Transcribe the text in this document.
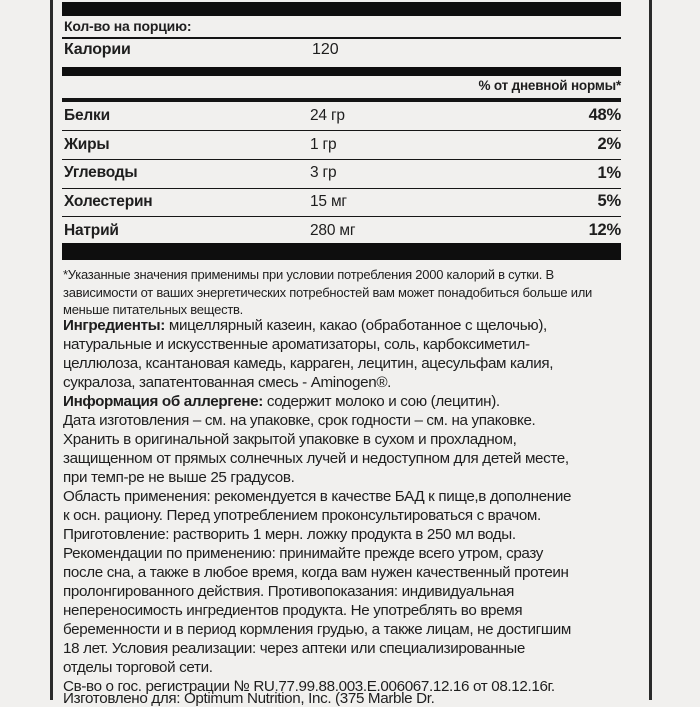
Кол-во на порцию:
Калории	120
% от дневной нормы*
Белки	24 гр	48%
Жиры	1 гр	2%
Углеводы	3 гр	1%
Холестерин	15 мг	5%
Натрий	280 мг	12%
*Указанные значения применимы при условии потребления 2000 калорий в сутки. В
зависимости от ваших энергетических потребностей вам может понадобиться больше или
меньше питательных веществ.
Ингредиенты: мицеллярный казеин, какао (обработанное с щелочью),
натуральные и искусственные ароматизаторы, соль, карбоксиметил-
целлюлоза, ксантановая камедь, карраген, лецитин, ацесульфам калия,
сукралоза, запатентованная смесь - Aminogen®.
Информация об аллергене: содержит молоко и сою (лецитин).
Дата изготовления – см. на упаковке, срок годности – см. на упаковке.
Хранить в оригинальной закрытой упаковке в сухом и прохладном,
защищенном от прямых солнечных лучей и недоступном для детей месте,
при темп-ре не выше 25 градусов.
Область применения: рекомендуется в качестве БАД к пище,в дополнение
к осн. рациону. Перед употреблением проконсультироваться с врачом.
Приготовление: растворить 1 мерн. ложку продукта в 250 мл воды.
Рекомендации по применению: принимайте прежде всего утром, сразу
после сна, а также в любое время, когда вам нужен качественный протеин
пролонгированного действия. Противопоказания: индивидуальная
непереносимость ингредиентов продукта. Не употреблять во время
беременности и в период кормления грудью, а также лицам, не достигшим
18 лет. Условия реализации: через аптеки или специализированные
отделы торговой сети.
Св-во о гос. регистрации № RU.77.99.88.003.Е.006067.12.16 от 08.12.16г.
Изготовлено для: Optimum Nutrition, Inc. (375 Marble Dr.
